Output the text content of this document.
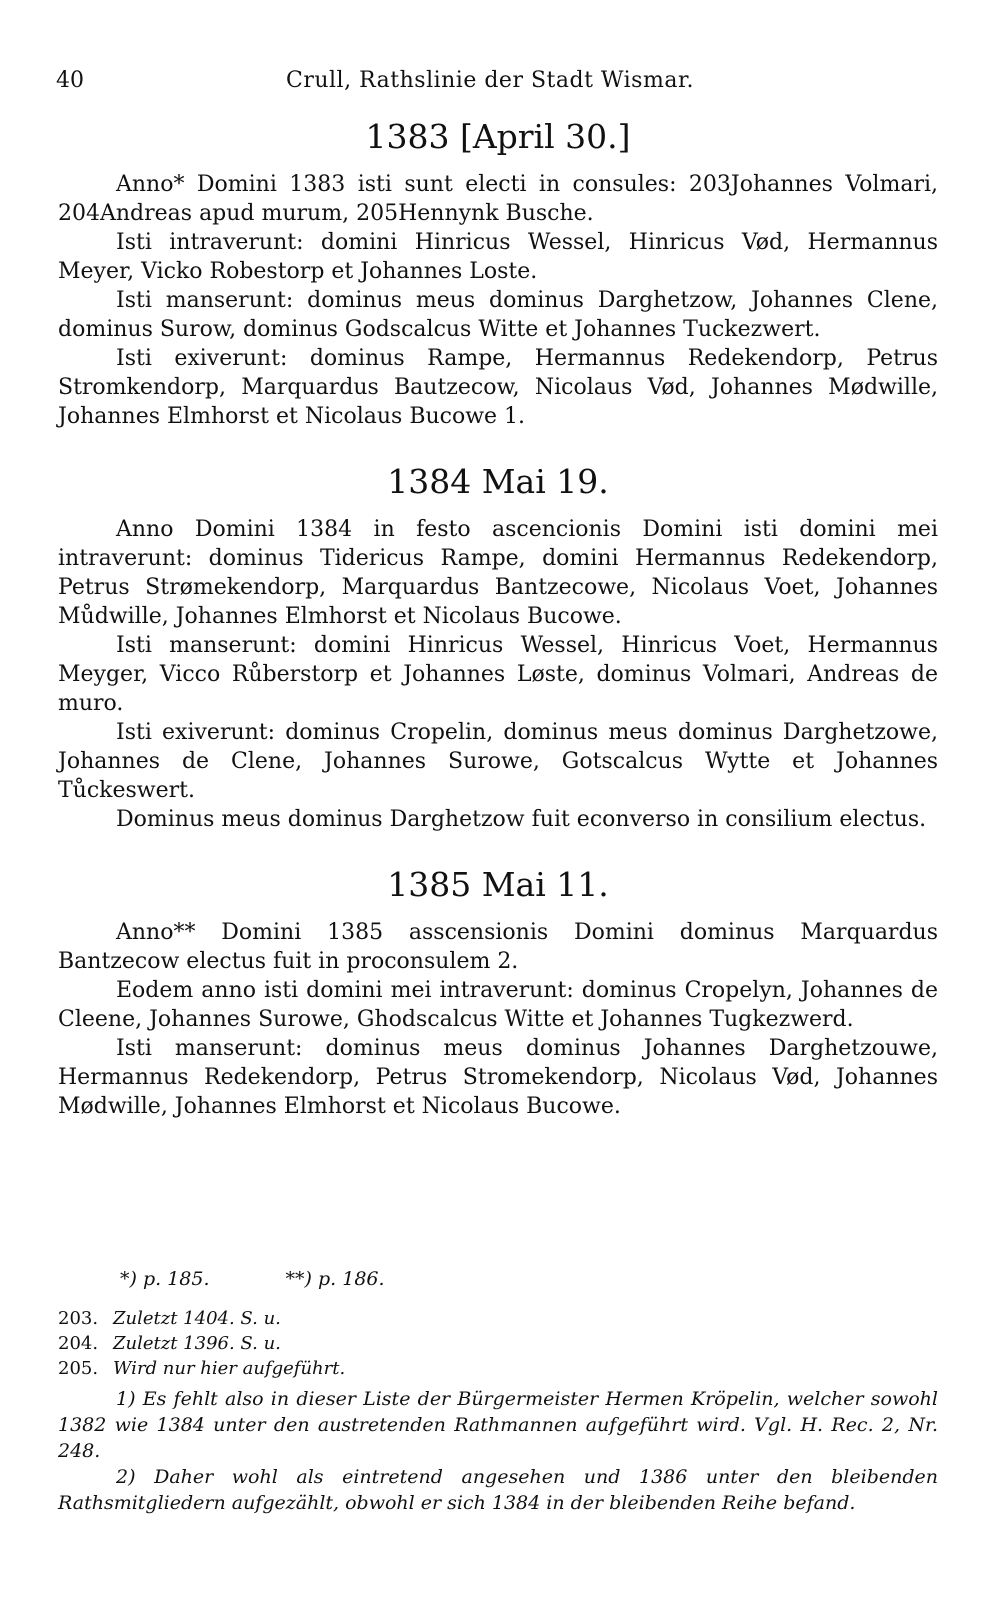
40	Crull, Rathslinie der Stadt Wismar.
1383 [April 30.]

Anno* Domini 1383 isti sunt electi in consules: 203Johannes Volmari, 204Andreas apud murum, 205Hennynk Busche.

Isti intraverunt: domini Hinricus Wessel, Hinricus Vød, Hermannus Meyer, Vicko Robestorp et Johannes Loste.

Isti manserunt: dominus meus dominus Darghetzow, Johannes Clene, dominus Surow, dominus Godscalcus Witte et Johannes Tuckezwert.

Isti exiverunt: dominus Rampe, Hermannus Redekendorp, Petrus Stromkendorp, Marquardus Bautzecow, Nicolaus Vød, Johannes Mødwille, Johannes Elmhorst et Nicolaus Bucowe 1.

1384 Mai 19.

Anno Domini 1384 in festo ascencionis Domini isti domini mei intraverunt: dominus Tidericus Rampe, domini Hermannus Redekendorp, Petrus Strømekendorp, Marquardus Bantzecowe, Nicolaus Voet, Johannes Můdwille, Johannes Elmhorst et Nicolaus Bucowe.

Isti manserunt: domini Hinricus Wessel, Hinricus Voet, Hermannus Meyger, Vicco Růberstorp et Johannes Løste, dominus Volmari, Andreas de muro.

Isti exiverunt: dominus Cropelin, dominus meus dominus Darghetzowe, Johannes de Clene, Johannes Surowe, Gotscalcus Wytte et Johannes Tůckeswert.

Dominus meus dominus Darghetzow fuit econverso in consilium electus.

1385 Mai 11.

Anno** Domini 1385 asscensionis Domini dominus Marquardus Bantzecow electus fuit in proconsulem 2.

Eodem anno isti domini mei intraverunt: dominus Cropelyn, Johannes de Cleene, Johannes Surowe, Ghodscalcus Witte et Johannes Tugkezwerd.

Isti manserunt: dominus meus dominus Johannes Darghetzouwe, Hermannus Redekendorp, Petrus Stromekendorp, Nicolaus Vød, Johannes Mødwille, Johannes Elmhorst et Nicolaus Bucowe.

*) p. 185.	**) p. 186.
203. Zuletzt 1404. S. u.
204. Zuletzt 1396. S. u.
205. Wird nur hier aufgeführt.

1) Es fehlt also in dieser Liste der Bürgermeister Hermen Kröpelin, welcher sowohl 1382 wie 1384 unter den austretenden Rathmannen aufgeführt wird. Vgl. H. Rec. 2, Nr. 248.

2) Daher wohl als eintretend angesehen und 1386 unter den bleibenden Rathsmitgliedern aufgezählt, obwohl er sich 1384 in der bleibenden Reihe befand.
